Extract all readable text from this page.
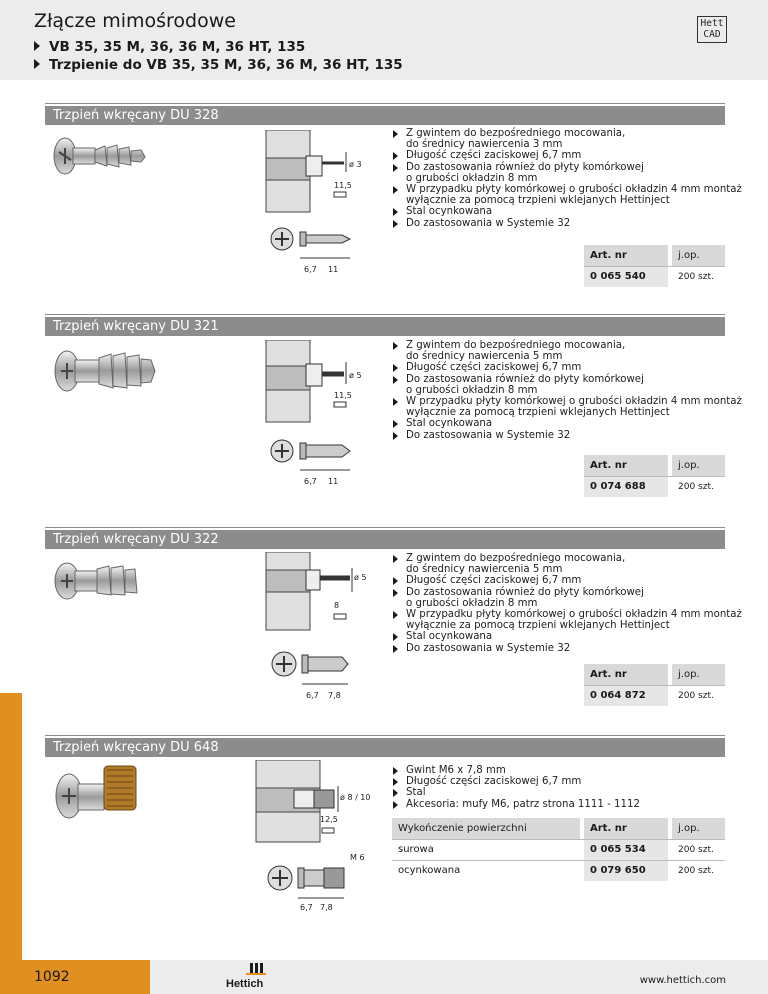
Złącze mimośrodowe
VB 35, 35 M, 36, 36 M, 36 HT, 135
Trzpienie do VB 35, 35 M, 36, 36 M, 36 HT, 135
Hett
CAD
Trzpień wkręcany DU 328
ø 3
11,5
6,7 11
Z gwintem do bezpośredniego mocowania,
do średnicy nawiercenia 3 mm
Długość części zaciskowej 6,7 mm
Do zastosowania również do płyty komórkowej
o grubości okładzin 8 mm
W przypadku płyty komórkowej o grubości okładzin 4 mm montaż
wyłącznie za pomocą trzpieni wklejanych Hettinject
Stal ocynkowana
Do zastosowania w Systemie 32
Art. nr		j.op.
0 065 540		200 szt.
Trzpień wkręcany DU 321
ø 5
11,5
6,7 11
Z gwintem do bezpośredniego mocowania,
do średnicy nawiercenia 5 mm
Długość części zaciskowej 6,7 mm
Do zastosowania również do płyty komórkowej
o grubości okładzin 8 mm
W przypadku płyty komórkowej o grubości okładzin 4 mm montaż
wyłącznie za pomocą trzpieni wklejanych Hettinject
Stal ocynkowana
Do zastosowania w Systemie 32
Art. nr		j.op.
0 074 688		200 szt.
Trzpień wkręcany DU 322
ø 5
8
6,7 7,8
Z gwintem do bezpośredniego mocowania,
do średnicy nawiercenia 5 mm
Długość części zaciskowej 6,7 mm
Do zastosowania również do płyty komórkowej
o grubości okładzin 8 mm
W przypadku płyty komórkowej o grubości okładzin 4 mm montaż
wyłącznie za pomocą trzpieni wklejanych Hettinject
Stal ocynkowana
Do zastosowania w Systemie 32
Art. nr		j.op.
0 064 872		200 szt.
Trzpień wkręcany DU 648
ø 8 / 10
12,5
M 6
6,7 7,8
Gwint M6 x 7,8 mm
Długość części zaciskowej 6,7 mm
Stal
Akcesoria: mufy M6, patrz strona 1111 - 1112
Wykończenie powierzchni		Art. nr		j.op.
surowa		0 065 534		200 szt.
ocynkowana		0 079 650		200 szt.
1092	Hettich	www.hettich.com
